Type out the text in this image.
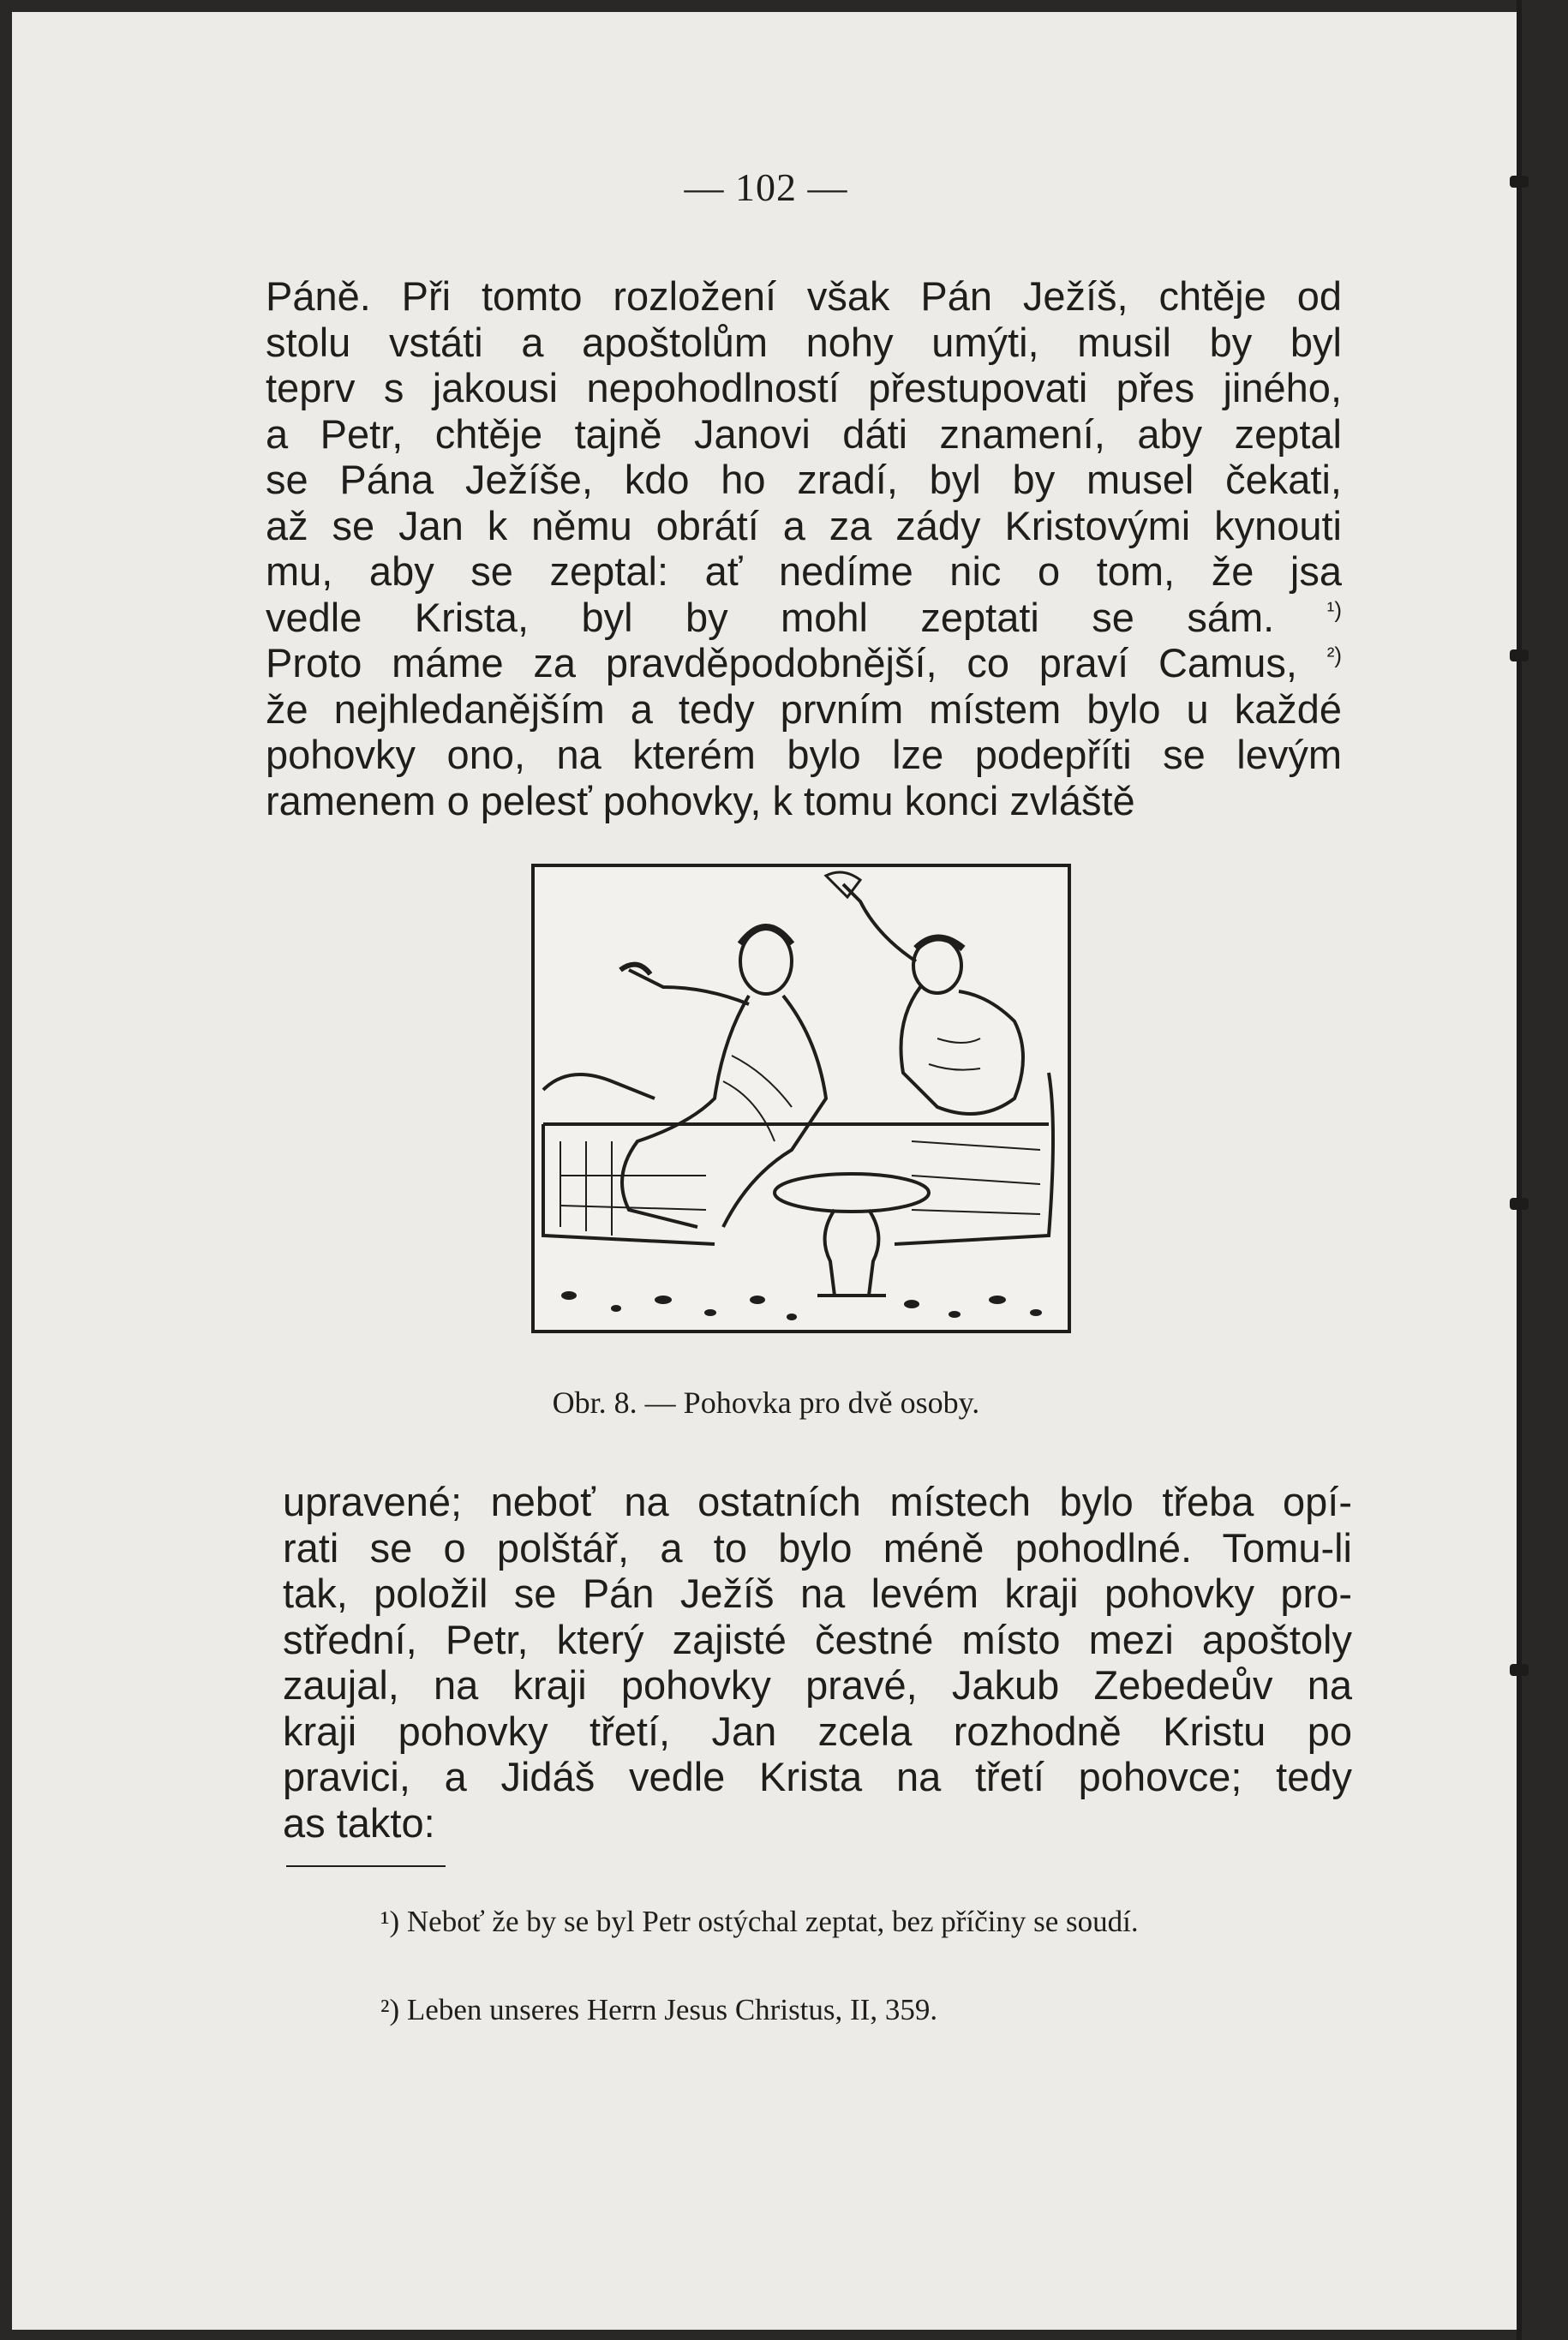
— 102 —
Páně. Při tomto rozložení však Pán Ježíš, chtěje od
stolu vstáti a apoštolům nohy umýti, musil by byl
teprv s jakousi nepohodlností přestupovati přes jiného,
a Petr, chtěje tajně Janovi dáti znamení, aby zeptal
se Pána Ježíše, kdo ho zradí, byl by musel čekati,
až se Jan k němu obrátí a za zády Kristovými kynouti
mu, aby se zeptal: ať nedíme nic o tom, že jsa
vedle Krista, byl by mohl zeptati se sám. $^{^1)}$
Proto máme za pravděpodobnější, co praví Camus, $^{^2)}$
že nejhledanějším a tedy prvním místem bylo u každé
pohovky ono, na kterém bylo lze podepříti se levým
ramenem o pelesť pohovky, k tomu konci zvláště
Obr. 8. — Pohovka pro dvě osoby.
upravené; neboť na ostatních místech bylo třeba opí-
rati se o polštář, a to bylo méně pohodlné. Tomu-li
tak, položil se Pán Ježíš na levém kraji pohovky pro-
střední, Petr, který zajisté čestné místo mezi apoštoly
zaujal, na kraji pohovky pravé, Jakub Zebedeův na
kraji pohovky třetí, Jan zcela rozhodně Kristu po
pravici, a Jidáš vedle Krista na třetí pohovce; tedy
as takto:

¹) Neboť že by se byl Petr ostýchal zeptat, bez příčiny se soudí.

²) Leben unseres Herrn Jesus Christus, II, 359.
